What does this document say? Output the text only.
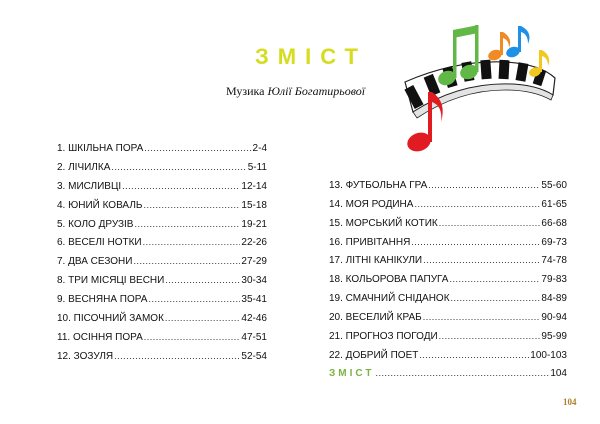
ЗМІСТ
Музика Юлії Богатирьової
1. ШКІЛЬНА ПОРА .....	2-4
2. ЛІЧИЛКА .....	5-11
3. МИСЛИВЦІ .....	12-14
4. ЮНИЙ КОВАЛЬ .....	15-18
5. КОЛО ДРУЗІВ .....	19-21
6. ВЕСЕЛІ НОТКИ .....	22-26
7. ДВА СЕЗОНИ .....	27-29
8. ТРИ МІСЯЦІ ВЕСНИ .....	30-34
9. ВЕСНЯНА ПОРА .....	35-41
10. ПІСОЧНИЙ ЗАМОК .....	42-46
11. ОСІННЯ ПОРА .....	47-51
12. ЗОЗУЛЯ .....	52-54
13. ФУТБОЛЬНА ГРА .....	55-60
14. МОЯ РОДИНА .....	61-65
15. МОРСЬКИЙ КОТИК .....	66-68
16. ПРИВІТАННЯ .....	69-73
17. ЛІТНІ КАНІКУЛИ .....	74-78
18. КОЛЬОРОВА ПАПУГА .....	79-83
19. СМАЧНИЙ СНІДАНОК .....	84-89
20. ВЕСЕЛИЙ КРАБ .....	90-94
21. ПРОГНОЗ ПОГОДИ .....	95-99
22. ДОБРИЙ ПОЕТ .....	100-103
ЗМІСТ .....	104
104
